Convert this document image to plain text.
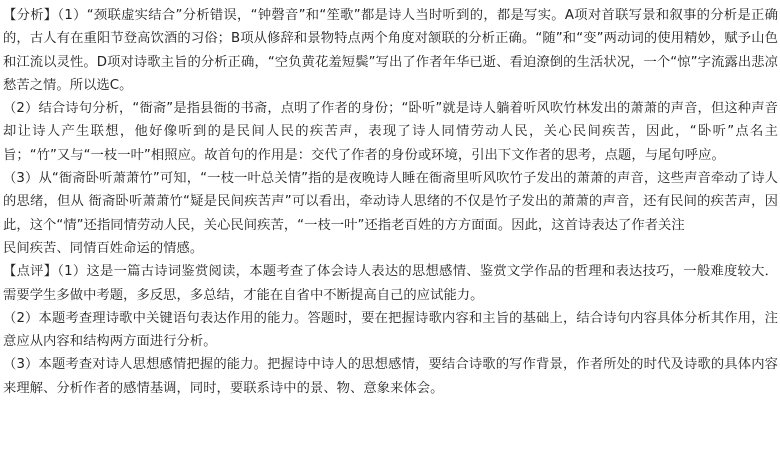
【分析】（1）“颈联虚实结合”分析错误，“钟磬音”和“笙歌”都是诗人当时听到的，都是写实。A项对首联写景和叙事的分析是正确的，古人有在重阳节登高饮酒的习俗；B项从修辞和景物特点两个角度对颔联的分析正确。“随”和“变”两动词的使用精妙，赋予山色和江流以灵性。D项对诗歌主旨的分析正确，“空负黄花羞短鬓”写出了作者年华已逝、看迫潦倒的生活状况，一个“惊”字流露出悲凉愁苦之情。所以选C。

（2）结合诗句分析，“衙斋”是指县衙的书斋，点明了作者的身份；“卧听”就是诗人躺着听风吹竹林发出的萧萧的声音，但这种声音却让诗人产生联想，他好像听到的是民间人民的疾苦声，表现了诗人同情劳动人民，关心民间疾苦，因此，“卧听”点名主旨；“竹”又与“一枝一叶”相照应。故首句的作用是：交代了作者的身份或环境，引出下文作者的思考，点题，与尾句呼应。

（3）从“衙斋卧听萧萧竹”可知，“一枝一叶总关情”指的是夜晚诗人睡在衙斋里听风吹竹子发出的萧萧的声音，这些声音牵动了诗人的思绪，但从 衙斋卧听萧萧竹“疑是民间疾苦声”可以看出，牵动诗人思绪的不仅是竹子发出的萧萧的声音，还有民间的疾苦声，因此，这个“情”还指同情劳动人民，关心民间疾苦，“一枝一叶”还指老百姓的方方面面。因此，这首诗表达了作者关注

民间疾苦、同情百姓命运的情感。

【点评】（1）这是一篇古诗词鉴赏阅读，本题考查了体会诗人表达的思想感情、鉴赏文学作品的哲理和表达技巧，一般难度较大．需要学生多做中考题，多反思，多总结，才能在自省中不断提高自己的应试能力。

（2）本题考查理诗歌中关键语句表达作用的能力。答题时，要在把握诗歌内容和主旨的基础上，结合诗句内容具体分析其作用，注意应从内容和结构两方面进行分析。

（3）本题考查对诗人思想感情把握的能力。把握诗中诗人的思想感情，要结合诗歌的写作背景，作者所处的时代及诗歌的具体内容来理解、分析作者的感情基调，同时，要联系诗中的景、物、意象来体会。
